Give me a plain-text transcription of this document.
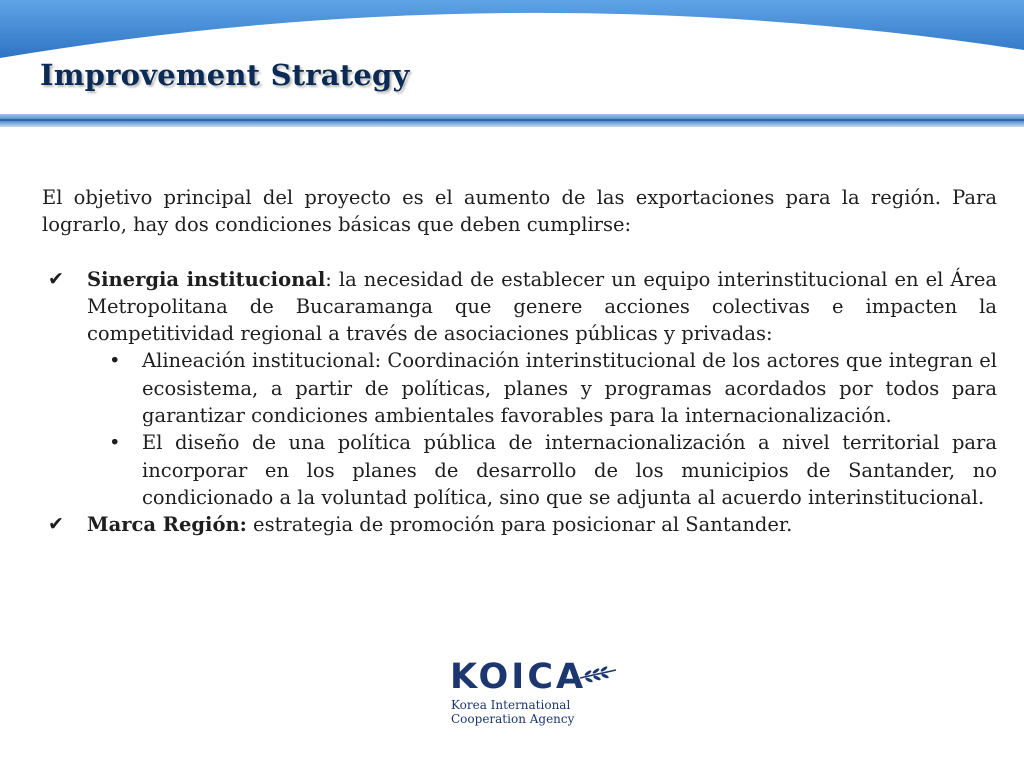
Improvement Strategy

El objetivo principal del proyecto es el aumento de las exportaciones para la región. Para lograrlo, hay dos condiciones básicas que deben cumplirse:

✔ Sinergia institucional: la necesidad de establecer un equipo interinstitucional en el Área Metropolitana de Bucaramanga que genere acciones colectivas e impacten la competitividad regional a través de asociaciones públicas y privadas:
• Alineación institucional: Coordinación interinstitucional de los actores que integran el ecosistema, a partir de políticas, planes y programas acordados por todos para garantizar condiciones ambientales favorables para la internacionalización.
• El diseño de una política pública de internacionalización a nivel territorial para incorporar en los planes de desarrollo de los municipios de Santander, no condicionado a la voluntad política, sino que se adjunta al acuerdo interinstitucional.
✔ Marca Región: estrategia de promoción para posicionar al Santander.
KOICA
Korea International
Cooperation Agency
